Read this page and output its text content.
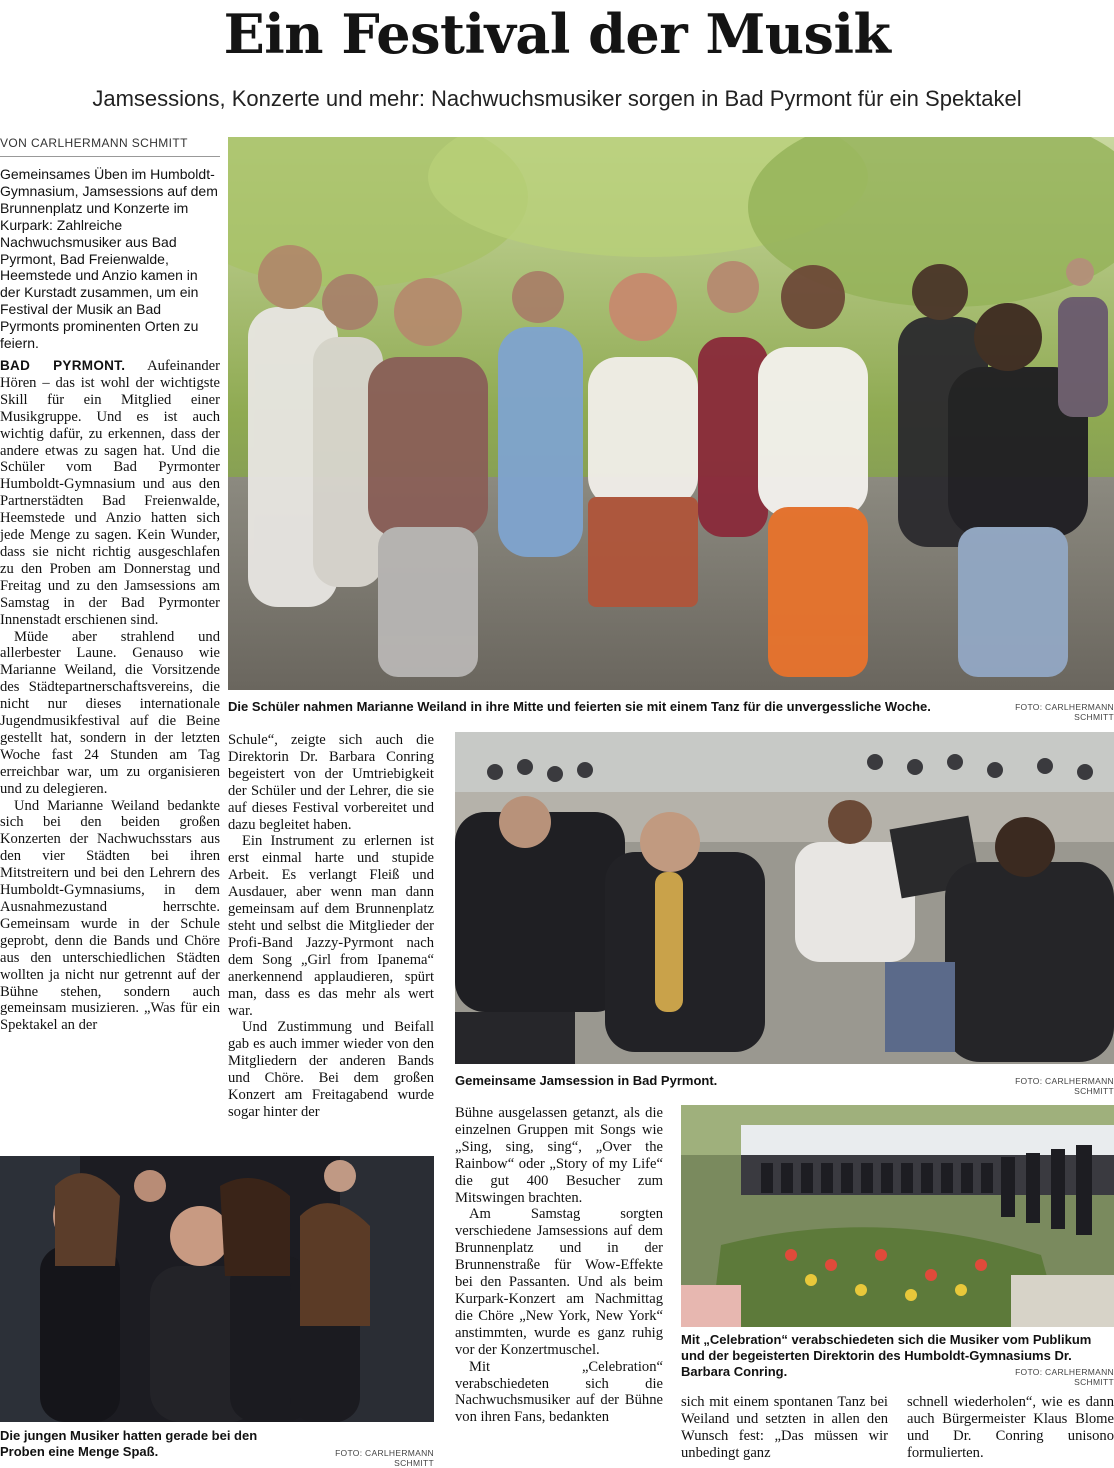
Ein Festival der Musik
Jamsessions, Konzerte und mehr: Nachwuchsmusiker sorgen in Bad Pyrmont für ein Spektakel
VON CARLHERMANN SCHMITT
Gemeinsames Üben im Humboldt-Gymnasium, Jamsessions auf dem Brunnenplatz und Konzerte im Kurpark: Zahlreiche Nachwuchsmusiker aus Bad Pyrmont, Bad Freienwalde, Heemstede und Anzio kamen in der Kurstadt zusammen, um ein Festival der Musik an Bad Pyrmonts prominenten Orten zu feiern.

BAD PYRMONT. Aufeinander Hören – das ist wohl der wichtigste Skill für ein Mitglied einer Musikgruppe. Und es ist auch wichtig dafür, zu erkennen, dass der andere etwas zu sagen hat. Und die Schüler vom Bad Pyrmonter Humboldt-Gymnasium und aus den Partnerstädten Bad Freienwalde, Heemstede und Anzio hatten sich jede Menge zu sagen. Kein Wunder, dass sie nicht richtig ausgeschlafen zu den Proben am Donnerstag und Freitag und zu den Jamsessions am Samstag in der Bad Pyrmonter Innenstadt erschienen sind.

Müde aber strahlend und allerbester Laune. Genauso wie Marianne Weiland, die Vorsitzende des Städtepartnerschaftsvereins, die nicht nur dieses internationale Jugendmusikfestival auf die Beine gestellt hat, sondern in der letzten Woche fast 24 Stunden am Tag erreichbar war, um zu organisieren und zu delegieren.

Und Marianne Weiland bedankte sich bei den beiden großen Konzerten der Nachwuchsstars aus den vier Städten bei ihren Mitstreitern und bei den Lehrern des Humboldt-Gymnasiums, in dem Ausnahmezustand herrschte. Gemeinsam wurde in der Schule geprobt, denn die Bands und Chöre aus den unterschiedlichen Städten wollten ja nicht nur getrennt auf der Bühne stehen, sondern auch gemeinsam musizieren. „Was für ein Spektakel an der

Die Schüler nahmen Marianne Weiland in ihre Mitte und feierten sie mit einem Tanz für die unvergessliche Woche.	FOTO: CARLHERMANN SCHMITT

Schule“, zeigte sich auch die Direktorin Dr. Barbara Conring begeistert von der Umtriebigkeit der Schüler und der Lehrer, die sie auf dieses Festival vorbereitet und dazu begleitet haben.

Ein Instrument zu erlernen ist erst einmal harte und stupide Arbeit. Es verlangt Fleiß und Ausdauer, aber wenn man dann gemeinsam auf dem Brunnenplatz steht und selbst die Mitglieder der Profi-Band Jazzy-Pyrmont nach dem Song „Girl from Ipanema“ anerkennend applaudieren, spürt man, dass es das mehr als wert war.

Und Zustimmung und Beifall gab es auch immer wieder von den Mitgliedern der anderen Bands und Chöre. Bei dem großen Konzert am Freitagabend wurde sogar hinter der

Gemeinsame Jamsession in Bad Pyrmont.	FOTO: CARLHERMANN SCHMITT

Bühne ausgelassen getanzt, als die einzelnen Gruppen mit Songs wie „Sing, sing, sing“, „Over the Rainbow“ oder „Story of my Life“ die gut 400 Besucher zum Mitswingen brachten.

Am Samstag sorgten verschiedene Jamsessions auf dem Brunnenplatz und in der Brunnenstraße für Wow-Effekte bei den Passanten. Und als beim Kurpark-Konzert am Nachmittag die Chöre „New York, New York“ anstimmten, wurde es ganz ruhig vor der Konzertmuschel.

Mit „Celebration“ verabschiedeten sich die Nachwuchsmusiker auf der Bühne von ihren Fans, bedankten

Mit „Celebration“ verabschiedeten sich die Musiker vom Publikum und der begeisterten Direktorin des Humboldt-Gymnasiums Dr. Barbara Conring.	FOTO: CARLHERMANN SCHMITT
Die jungen Musiker hatten gerade bei den Proben eine Menge Spaß.	FOTO: CARLHERMANN SCHMITT

sich mit einem spontanen Tanz bei Weiland und setzten in allen den Wunsch fest: „Das müssen wir unbedingt ganz

schnell wiederholen“, wie es dann auch Bürgermeister Klaus Blome und Dr. Conring unisono formulierten.
